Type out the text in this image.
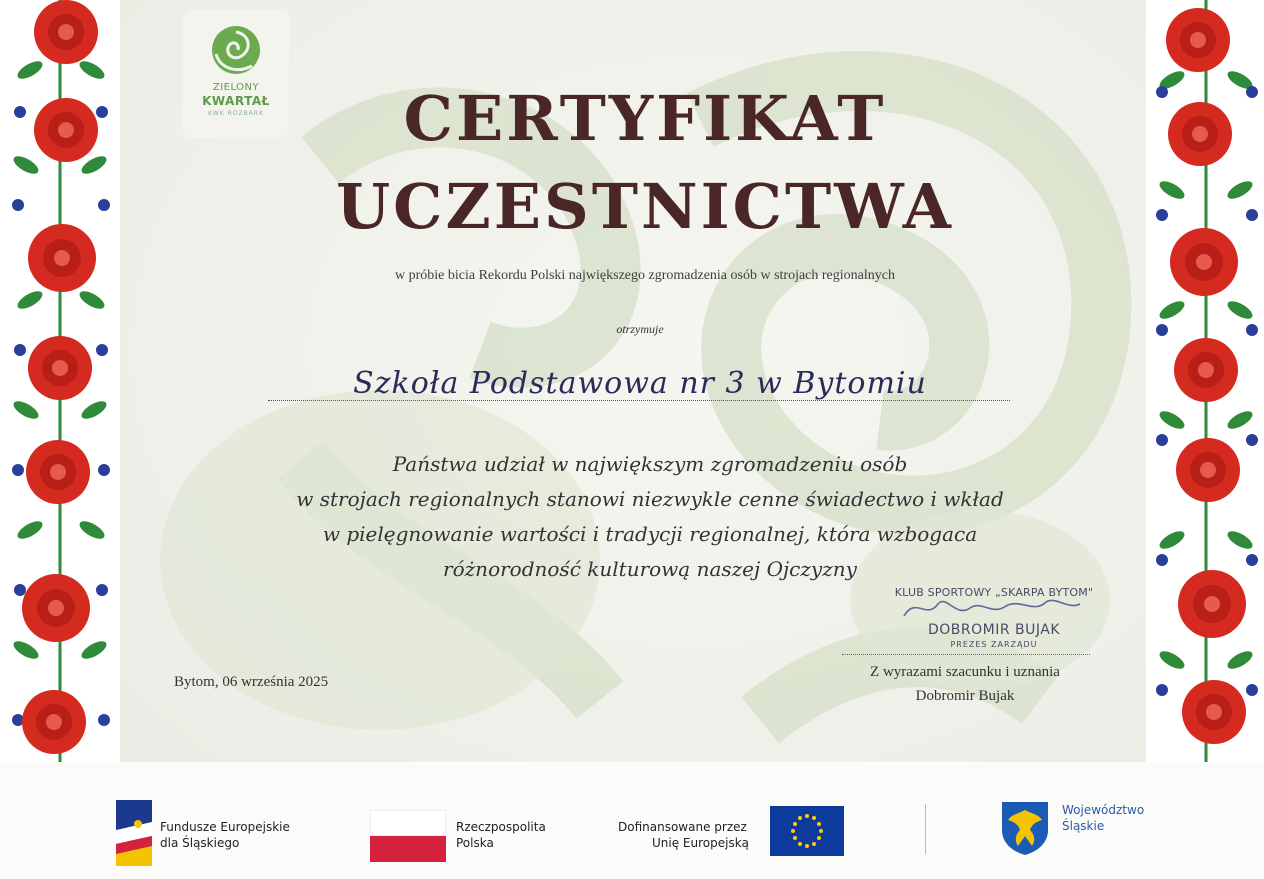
ZIELONY
KWARTAŁ
KWK ROZBARK	CERTYFIKAT
UCZESTNICTWA
w próbie bicia Rekordu Polski największego zgromadzenia osób w strojach regionalnych
otrzymuje
Szkoła Podstawowa nr 3 w Bytomiu
Państwa udział w największym zgromadzeniu osób
w strojach regionalnych stanowi niezwykle cenne świadectwo i wkład
w pielęgnowanie wartości i tradycji regionalnej, która wzbogaca
różnorodność kulturową naszej Ojczyzny
KLUB SPORTOWY „SKARPA BYTOM"
DOBROMIR BUJAK
PREZES ZARZĄDU
Z wyrazami szacunku i uznania
Dobromir Bujak
Bytom, 06 września 2025
Fundusze Europejskie
dla Śląskiego
Rzeczpospolita
Polska
Dofinansowane przez
Unię Europejską
Województwo
Śląskie
